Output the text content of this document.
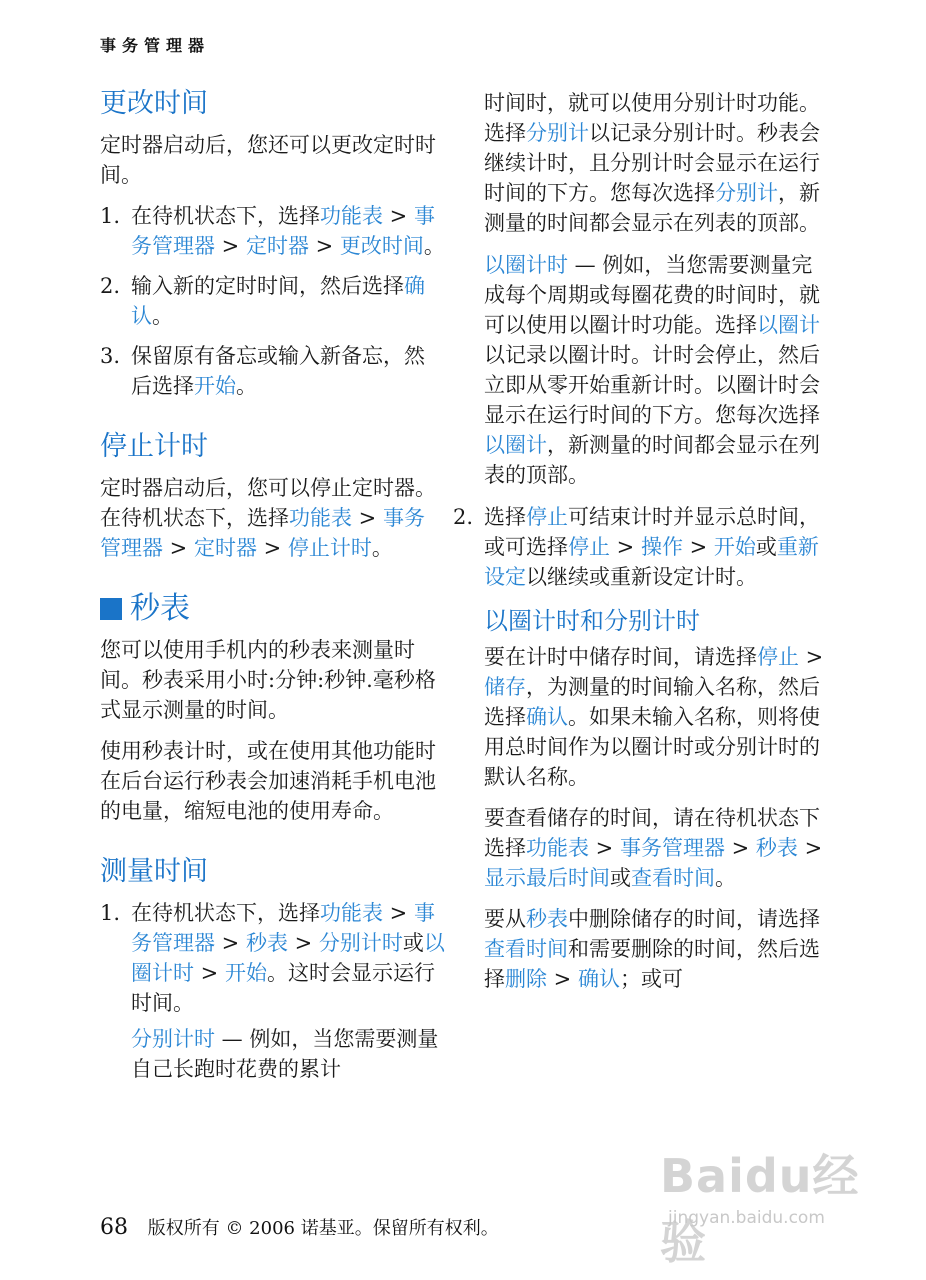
事务管理器
更改时间

定时器启动后，您还可以更改定时时间。

1. 在待机状态下，选择功能表 > 事务管理器 > 定时器 > 更改时间。
2. 输入新的定时时间，然后选择确认。
3. 保留原有备忘或输入新备忘，然后选择开始。
停止计时

定时器启动后，您可以停止定时器。在待机状态下，选择功能表 > 事务管理器 > 定时器 > 停止计时。

秒表

您可以使用手机内的秒表来测量时间。秒表采用小时:分钟:秒钟.毫秒格式显示测量的时间。

使用秒表计时，或在使用其他功能时在后台运行秒表会加速消耗手机电池的电量，缩短电池的使用寿命。

测量时间
1. 在待机状态下，选择功能表 > 事务管理器 > 秒表 > 分别计时或以圈计时 > 开始。这时会显示运行时间。
分别计时 — 例如，当您需要测量自己长跑时花费的累计
时间时，就可以使用分别计时功能。选择分别计以记录分别计时。秒表会继续计时，且分别计时会显示在运行时间的下方。您每次选择分别计，新测量的时间都会显示在列表的顶部。
以圈计时 — 例如，当您需要测量完成每个周期或每圈花费的时间时，就可以使用以圈计时功能。选择以圈计以记录以圈计时。计时会停止，然后立即从零开始重新计时。以圈计时会显示在运行时间的下方。您每次选择以圈计，新测量的时间都会显示在列表的顶部。
2. 选择停止可结束计时并显示总时间，或可选择停止 > 操作 > 开始或重新设定以继续或重新设定计时。
以圈计时和分别计时

要在计时中储存时间，请选择停止 > 储存，为测量的时间输入名称，然后选择确认。如果未输入名称，则将使用总时间作为以圈计时或分别计时的默认名称。

要查看储存的时间，请在待机状态下选择功能表 > 事务管理器 > 秒表 > 显示最后时间或查看时间。

要从秒表中删除储存的时间，请选择查看时间和需要删除的时间，然后选择删除 > 确认；或可

68 版权所有 © 2006 诺基亚。保留所有权利。
Baidu经验
jingyan.baidu.com
